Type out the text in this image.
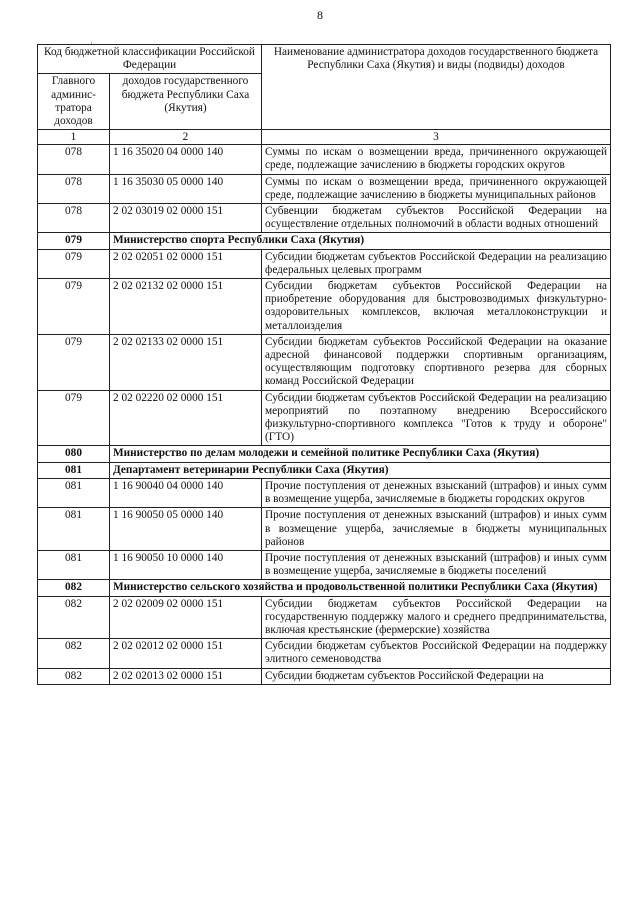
8
·
Код бюджетной классификации Российской Федерации		Наименование администратора доходов государственного бюджета Республики Саха (Якутия) и виды (подвиды) доходов
Главного админис-тратора доходов	доходов государственного бюджета Республики Саха (Якутия)	
1	2	3
078	1 16 35020 04 0000 140	Суммы по искам о возмещении вреда, причиненного окружающей среде, подлежащие зачислению в бюджеты городских округов
078	1 16 35030 05 0000 140	Суммы по искам о возмещении вреда, причиненного окружающей среде, подлежащие зачислению в бюджеты муниципальных районов
078	2 02 03019 02 0000 151	Субвенции бюджетам субъектов Российской Федерации на осуществление отдельных полномочий в области водных отношений
079	Министерство спорта Республики Саха (Якутия)	
079	2 02 02051 02 0000 151	Субсидии бюджетам субъектов Российской Федерации на реализацию федеральных целевых программ
079	2 02 02132 02 0000 151	Субсидии бюджетам субъектов Российской Федерации на приобретение оборудования для быстровозводимых физкультурно-оздоровительных комплексов, включая металлоконструкции и металлоизделия
079	2 02 02133 02 0000 151	Субсидии бюджетам субъектов Российской Федерации на оказание адресной финансовой поддержки спортивным организациям, осуществляющим подготовку спортивного резерва для сборных команд Российской Федерации
079	2 02 02220 02 0000 151	Субсидии бюджетам субъектов Российской Федерации на реализацию мероприятий по поэтапному внедрению Всероссийского физкультурно-спортивного комплекса "Готов к труду и обороне" (ГТО)
080	Министерство по делам молодежи и семейной политике Республики Саха (Якутия)	
081	Департамент ветеринарии Республики Саха (Якутия)	
081	1 16 90040 04 0000 140	Прочие поступления от денежных взысканий (штрафов) и иных сумм в возмещение ущерба, зачисляемые в бюджеты городских округов
081	1 16 90050 05 0000 140	Прочие поступления от денежных взысканий (штрафов) и иных сумм в возмещение ущерба, зачисляемые в бюджеты муниципальных районов
081	1 16 90050 10 0000 140	Прочие поступления от денежных взысканий (штрафов) и иных сумм в возмещение ущерба, зачисляемые в бюджеты поселений
082	Министерство сельского хозяйства и продовольственной политики Республики Саха (Якутия)	
082	2 02 02009 02 0000 151	Субсидии бюджетам субъектов Российской Федерации на государственную поддержку малого и среднего предпринимательства, включая крестьянские (фермерские) хозяйства
082	2 02 02012 02 0000 151	Субсидии бюджетам субъектов Российской Федерации на поддержку элитного семеноводства
082	2 02 02013 02 0000 151	Субсидии бюджетам субъектов Российской Федерации на
